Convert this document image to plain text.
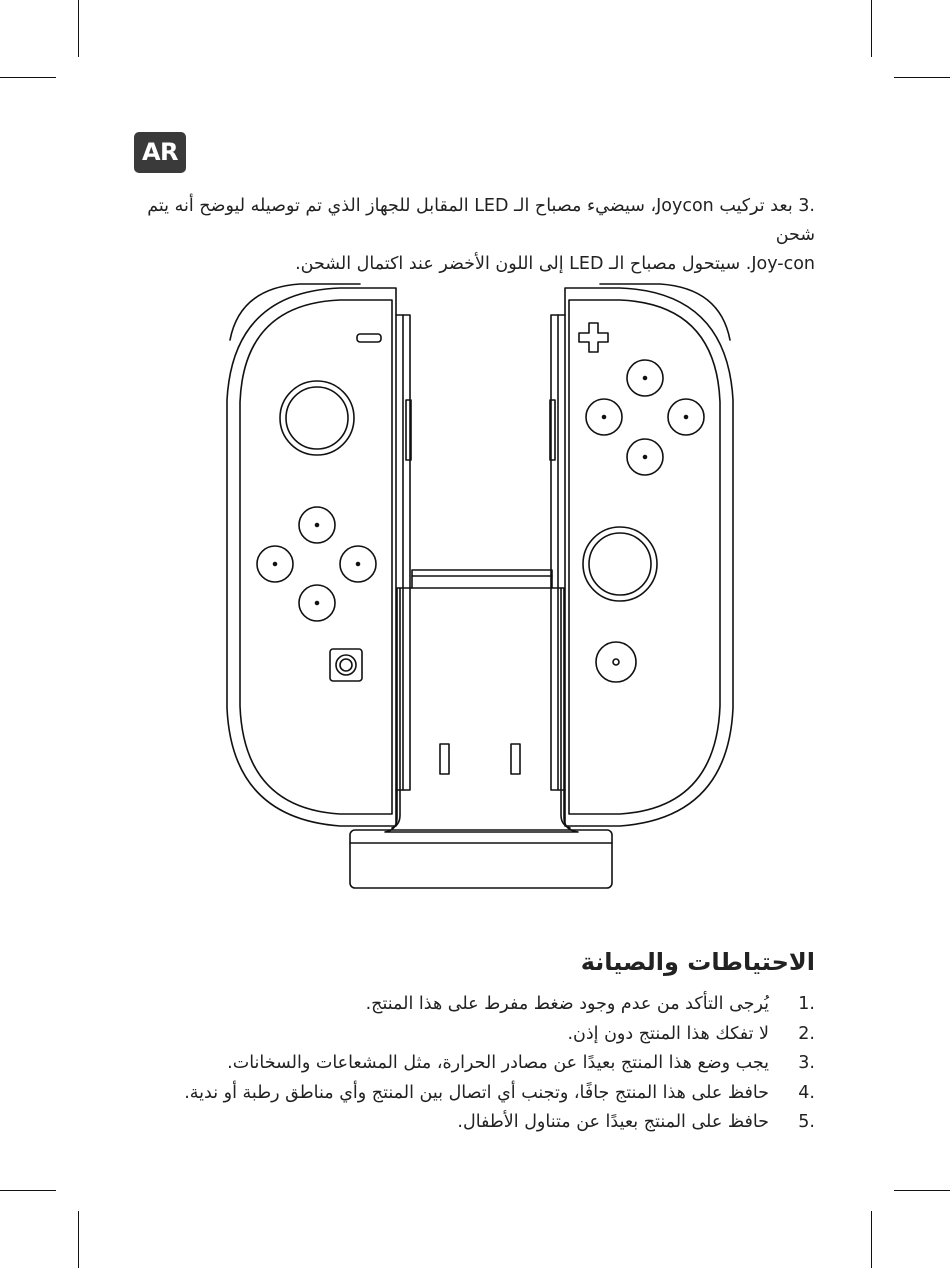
AR
.3 بعد تركيب Joycon، سيضيء مصباح الـ LED المقابل للجهاز الذي تم توصيله ليوضح أنه يتم شحن
Joy-con. سيتحول مصباح الـ LED إلى اللون الأخضر عند اكتمال الشحن.
الاحتياطات والصيانة
1.
يُرجى التأكد من عدم وجود ضغط مفرط على هذا المنتج.
2.
لا تفكك هذا المنتج دون إذن.
3.
يجب وضع هذا المنتج بعيدًا عن مصادر الحرارة، مثل المشعاعات والسخانات.
4.
حافظ على هذا المنتج جافًا، وتجنب أي اتصال بين المنتج وأي مناطق رطبة أو ندية.
5.
حافظ على المنتج بعيدًا عن متناول الأطفال.
